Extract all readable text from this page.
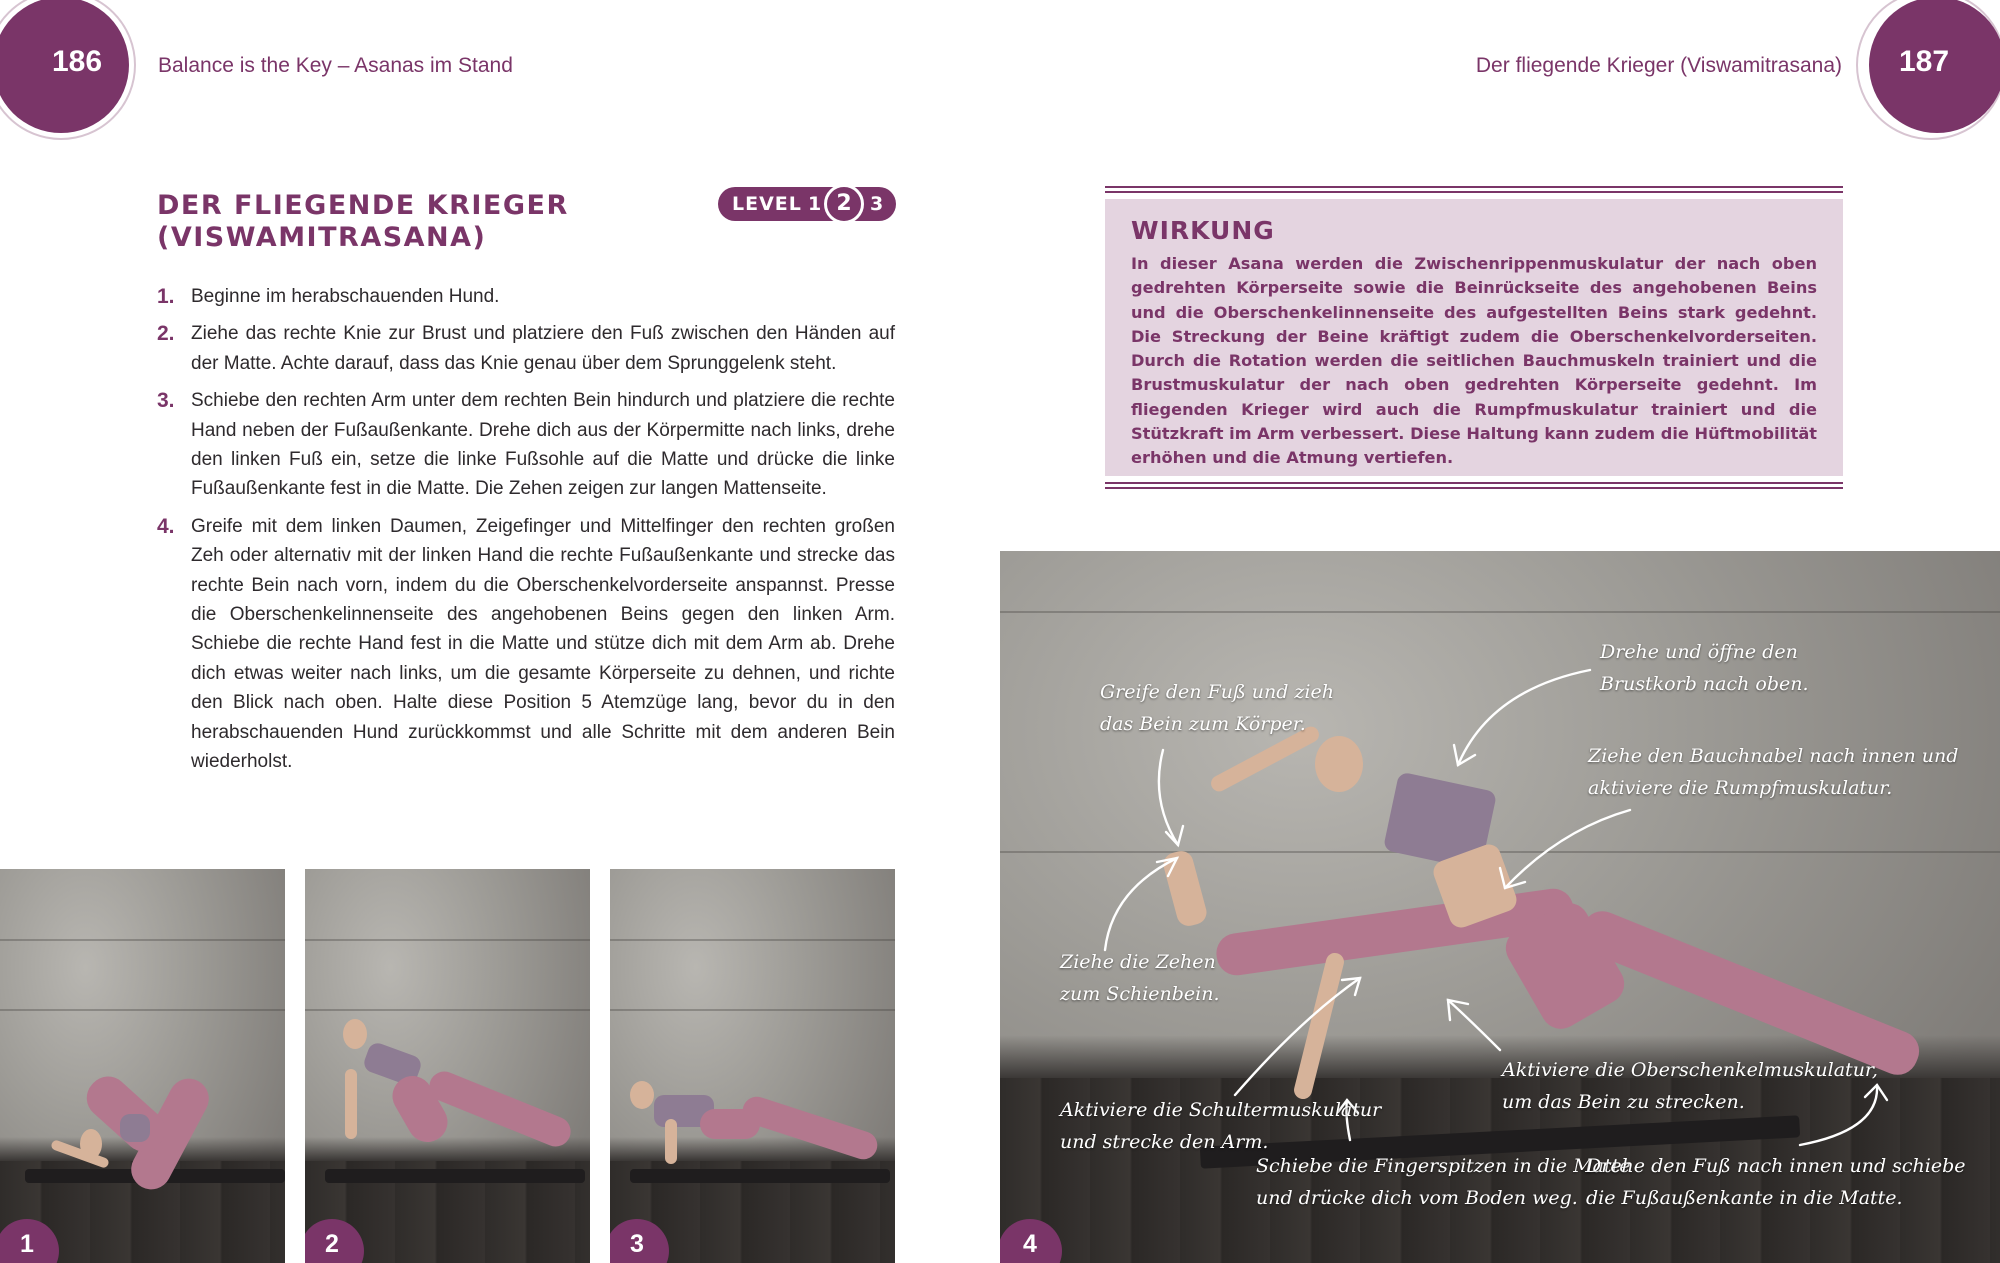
186	Balance is the Key – Asanas im Stand	187
Der fliegende Krieger (Viswamitrasana)
DER FLIEGENDE KRIEGER
(VISWAMITRASANA)
LEVEL 1 2 3
1. Beginne im herabschauenden Hund.
2. Ziehe das rechte Knie zur Brust und platziere den Fuß zwischen den Händen auf der Matte. Achte darauf, dass das Knie genau über dem Sprunggelenk steht.
3. Schiebe den rechten Arm unter dem rechten Bein hindurch und platziere die rechte Hand neben der Fußaußenkante. Drehe dich aus der Körpermitte nach links, drehe den linken Fuß ein, setze die linke Fußsohle auf die Matte und drücke die linke Fußaußenkante fest in die Matte. Die Zehen zeigen zur langen Mattenseite.
4. Greife mit dem linken Daumen, Zeigefinger und Mittelfinger den rechten großen Zeh oder alternativ mit der linken Hand die rechte Fußaußenkante und strecke das rechte Bein nach vorn, indem du die Oberschenkelvorderseite anspannst. Presse die Oberschenkelinnenseite des angehobenen Beins gegen den linken Arm. Schiebe die rechte Hand fest in die Matte und stütze dich mit dem Arm ab. Drehe dich etwas weiter nach links, um die gesamte Körperseite zu dehnen, und richte den Blick nach oben. Halte diese Position 5 Atemzüge lang, bevor du in den herabschauenden Hund zurückkommst und alle Schritte mit dem anderen Bein wiederholst.
WIRKUNG
In dieser Asana werden die Zwischenrippenmuskulatur der nach oben gedrehten Körperseite sowie die Beinrückseite des angehobenen Beins und die Oberschenkelinnenseite des aufgestellten Beins stark gedehnt. Die Streckung der Beine kräftigt zudem die Oberschenkelvorderseiten. Durch die Rotation werden die seitlichen Bauchmuskeln trainiert und die Brustmuskulatur der nach oben gedrehten Körperseite gedehnt. Im fliegenden Krieger wird auch die Rumpfmuskulatur trainiert und die Stützkraft im Arm verbessert. Diese Haltung kann zudem die Hüftmobilität erhöhen und die Atmung vertiefen.
1	2	3	4
Greife den Fuß und zieh
das Bein zum Körper.
Drehe und öffne den
Brustkorb nach oben.
Ziehe den Bauchnabel nach innen und
aktiviere die Rumpfmuskulatur.
Ziehe die Zehen
zum Schienbein.
Aktiviere die Oberschenkelmuskulatur,
um das Bein zu strecken.
Aktiviere die Schultermuskulatur
und strecke den Arm.
Schiebe die Fingerspitzen in die Matte
und drücke dich vom Boden weg.
Drehe den Fuß nach innen und schiebe
die Fußaußenkante in die Matte.
